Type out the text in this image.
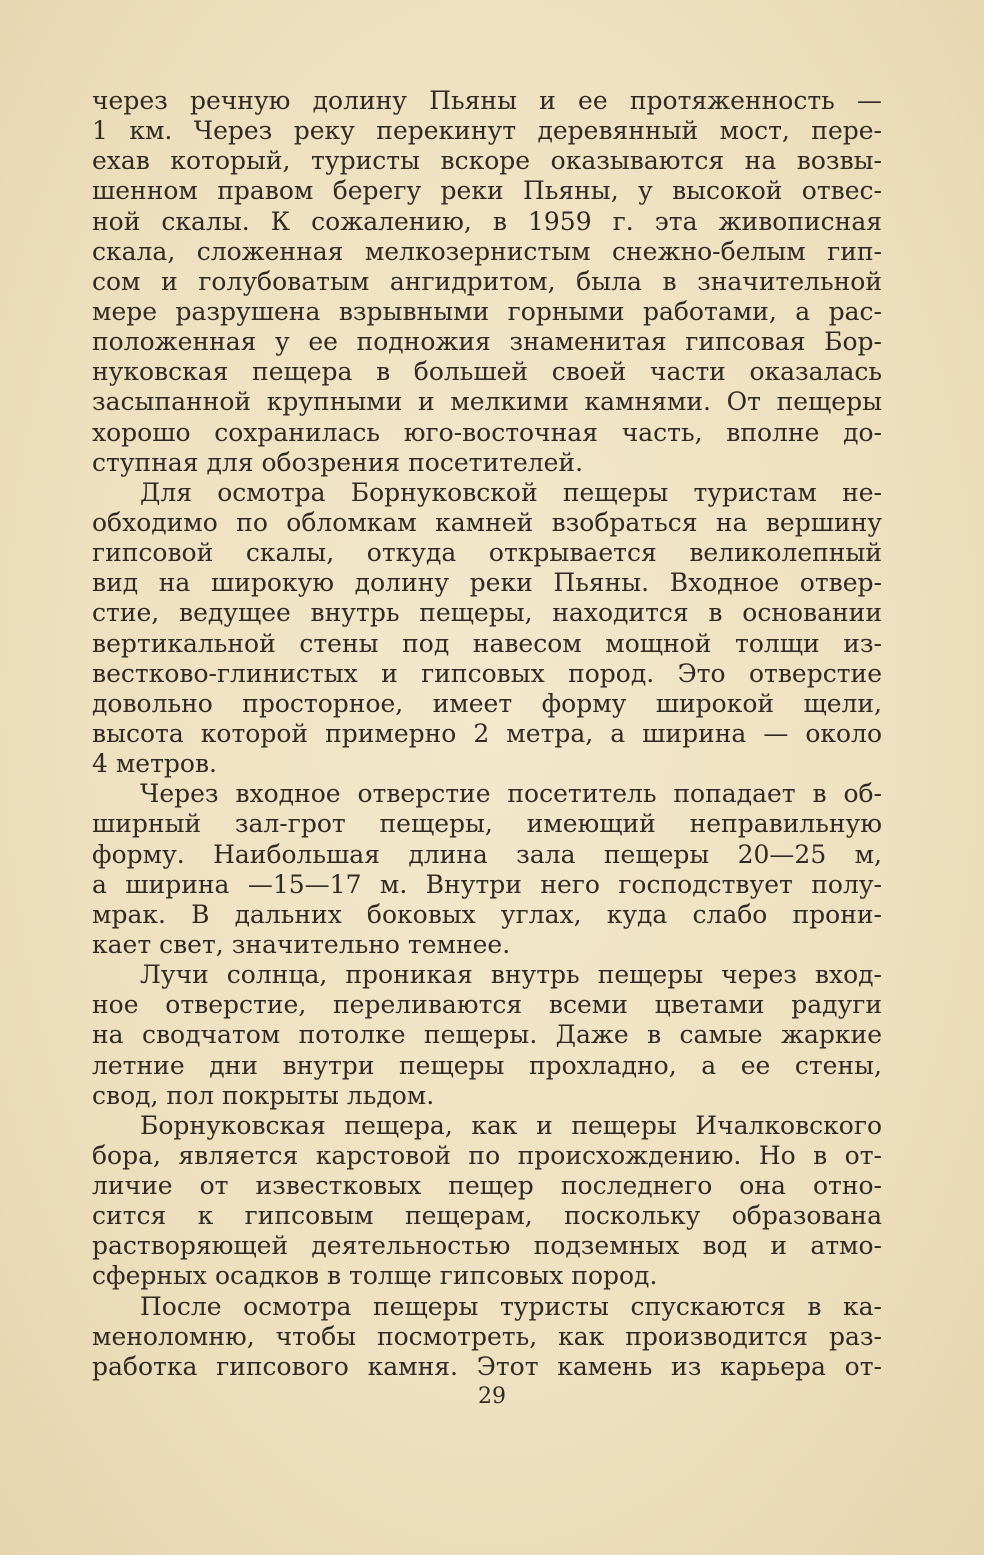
через речную долину Пьяны и ее протяженность —
1 км. Через реку перекинут деревянный мост, пере-
ехав который, туристы вскоре оказываются на возвы-
шенном правом берегу реки Пьяны, у высокой отвес-
ной скалы. К сожалению, в 1959 г. эта живописная
скала, сложенная мелкозернистым снежно-белым гип-
сом и голубоватым ангидритом, была в значительной
мере разрушена взрывными горными работами, а рас-
положенная у ее подножия знаменитая гипсовая Бор-
нуковская пещера в большей своей части оказалась
засыпанной крупными и мелкими камнями. От пещеры
хорошо сохранилась юго-восточная часть, вполне до-
ступная для обозрения посетителей.
Для осмотра Борнуковской пещеры туристам не-
обходимо по обломкам камней взобраться на вершину
гипсовой скалы, откуда открывается великолепный
вид на широкую долину реки Пьяны. Входное отвер-
стие, ведущее внутрь пещеры, находится в основании
вертикальной стены под навесом мощной толщи из-
вестково-глинистых и гипсовых пород. Это отверстие
довольно просторное, имеет форму широкой щели,
высота которой примерно 2 метра, а ширина — около
4 метров.
Через входное отверстие посетитель попадает в об-
ширный зал-грот пещеры, имеющий неправильную
форму. Наибольшая длина зала пещеры 20—25 м,
а ширина —15—17 м. Внутри него господствует полу-
мрак. В дальних боковых углах, куда слабо прони-
кает свет, значительно темнее.
Лучи солнца, проникая внутрь пещеры через вход-
ное отверстие, переливаются всеми цветами радуги
на сводчатом потолке пещеры. Даже в самые жаркие
летние дни внутри пещеры прохладно, а ее стены,
свод, пол покрыты льдом.
Борнуковская пещера, как и пещеры Ичалковского
бора, является карстовой по происхождению. Но в от-
личие от известковых пещер последнего она отно-
сится к гипсовым пещерам, поскольку образована
растворяющей деятельностью подземных вод и атмо-
сферных осадков в толще гипсовых пород.
После осмотра пещеры туристы спускаются в ка-
меноломню, чтобы посмотреть, как производится раз-
работка гипсового камня. Этот камень из карьера от-
29
